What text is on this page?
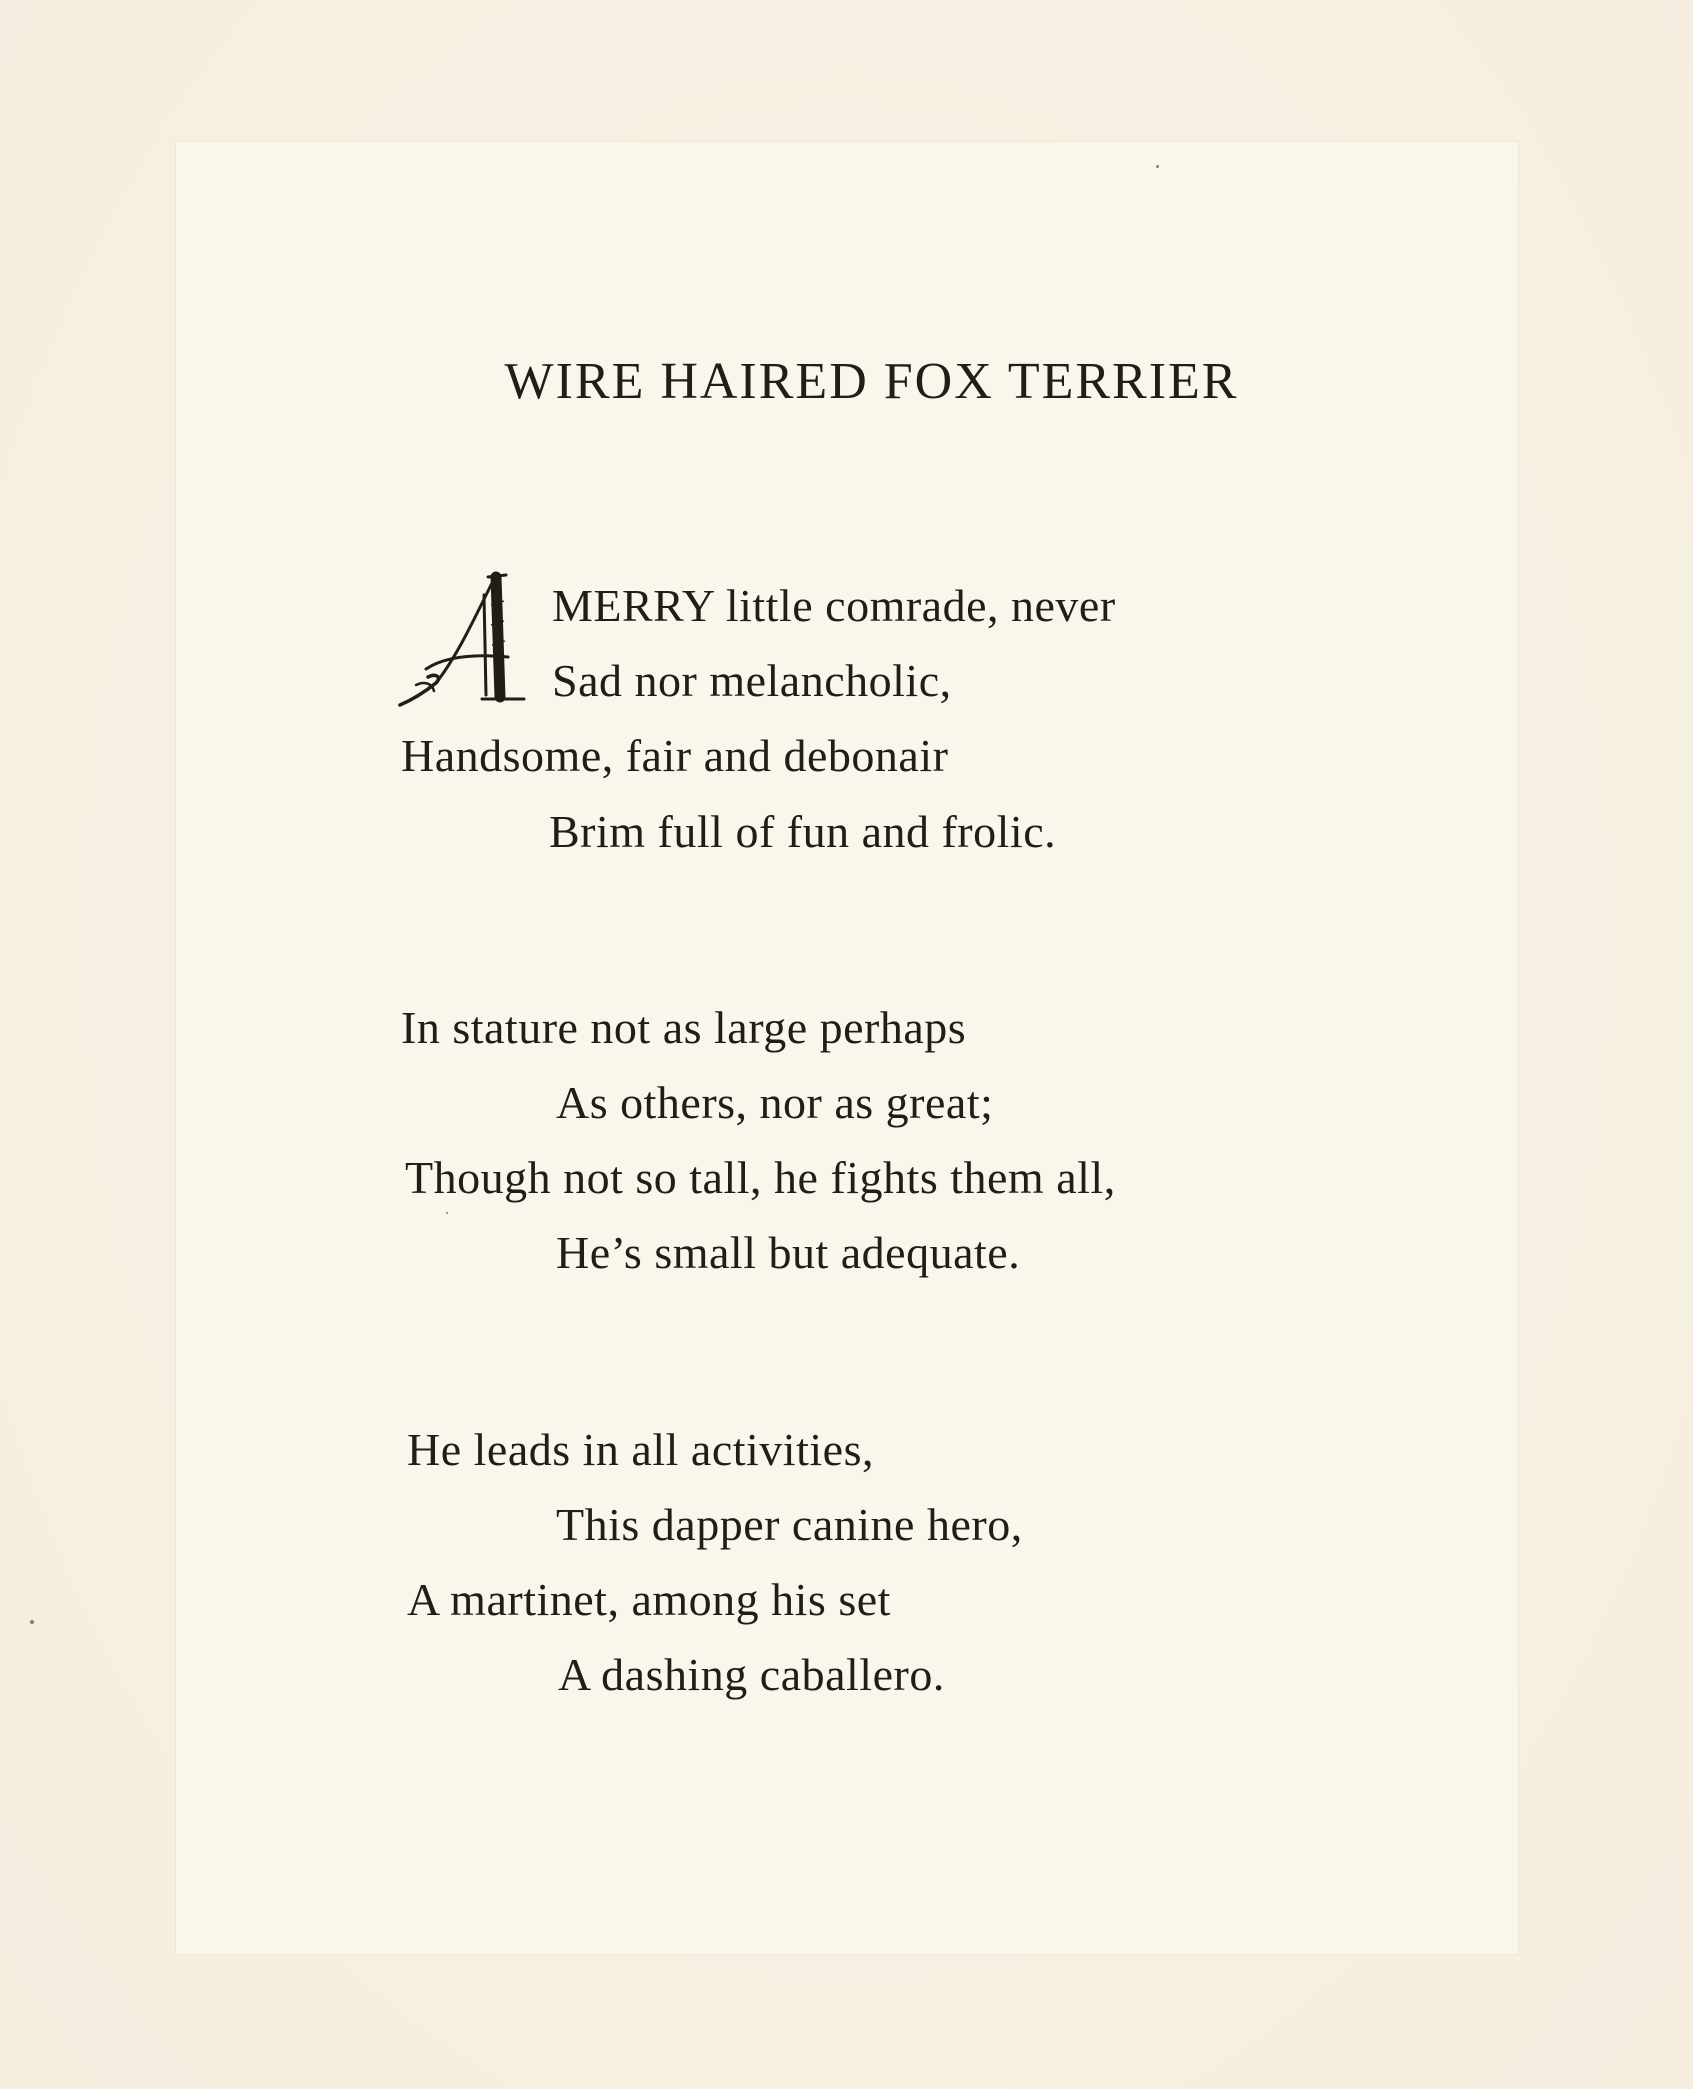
WIRE HAIRED FOX TERRIER
MERRY little comrade, never
Sad nor melancholic,
Handsome, fair and debonair
Brim full of fun and frolic.
In stature not as large perhaps
As others, nor as great;
Though not so tall, he fights them all,
He’s small but adequate.
He leads in all activities,
This dapper canine hero,
A martinet, among his set
A dashing caballero.
